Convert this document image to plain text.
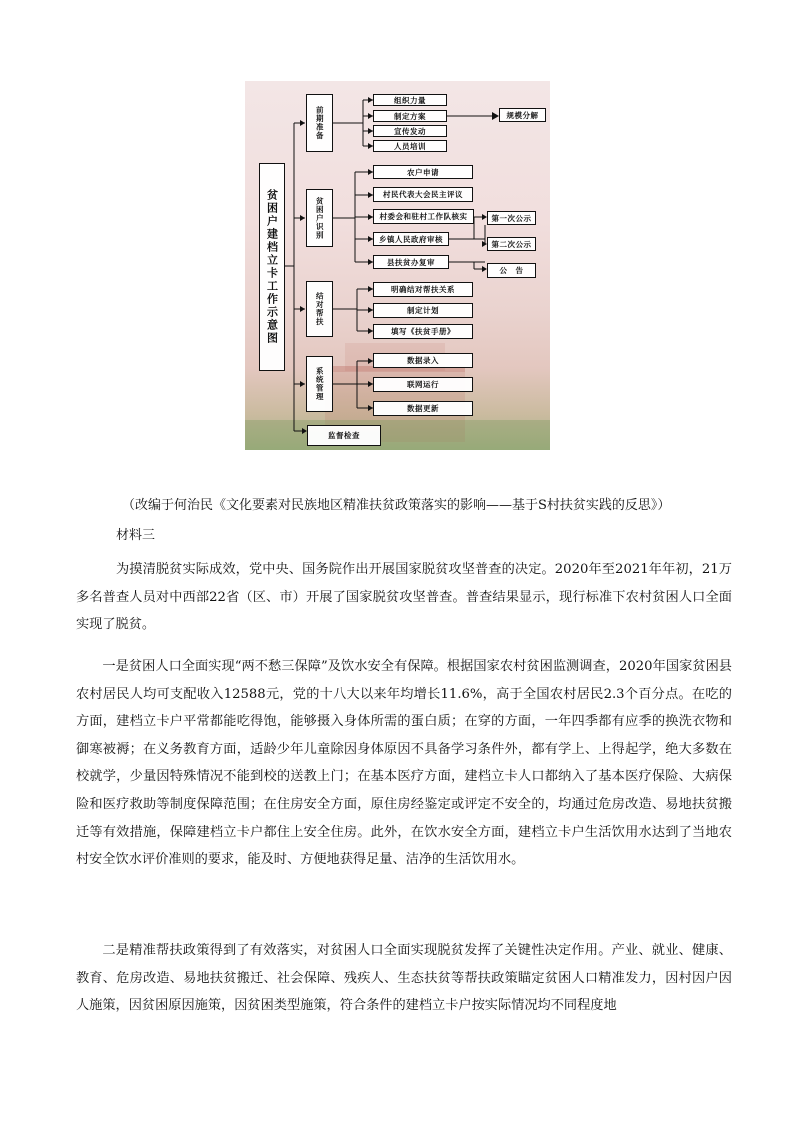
贫困户建档立卡工作示意图
前期准备
贫困户识别
结对帮扶
系统管理
监督检查
组织力量
制定方案
宣传发动
人员培训
规模分解
农户申请
村民代表大会民主评议
村委会和驻村工作队核实
乡镇人民政府审核
县扶贫办复审
第一次公示
第二次公示
公　告
明确结对帮扶关系
制定计划
填写《扶贫手册》
数据录入
联网运行
数据更新
（改编于何治民《文化要素对民族地区精准扶贫政策落实的影响——基于S村扶贫实践的反思》）
材料三

为摸清脱贫实际成效，党中央、国务院作出开展国家脱贫攻坚普查的决定。2020年至2021年年初，21万多名普查人员对中西部22省（区、市）开展了国家脱贫攻坚普查。普查结果显示，现行标准下农村贫困人口全面实现了脱贫。

一是贫困人口全面实现“两不愁三保障”及饮水安全有保障。根据国家农村贫困监测调查，2020年国家贫困县农村居民人均可支配收入12588元，党的十八大以来年均增长11.6%，高于全国农村居民2.3个百分点。在吃的方面，建档立卡户平常都能吃得饱，能够摄入身体所需的蛋白质；在穿的方面，一年四季都有应季的换洗衣物和御寒被褥；在义务教育方面，适龄少年儿童除因身体原因不具备学习条件外，都有学上、上得起学，绝大多数在校就学，少量因特殊情况不能到校的送教上门；在基本医疗方面，建档立卡人口都纳入了基本医疗保险、大病保险和医疗救助等制度保障范围；在住房安全方面，原住房经鉴定或评定不安全的，均通过危房改造、易地扶贫搬迁等有效措施，保障建档立卡户都住上安全住房。此外，在饮水安全方面，建档立卡户生活饮用水达到了当地农村安全饮水评价准则的要求，能及时、方便地获得足量、洁净的生活饮用水。

二是精准帮扶政策得到了有效落实，对贫困人口全面实现脱贫发挥了关键性决定作用。产业、就业、健康、教育、危房改造、易地扶贫搬迁、社会保障、残疾人、生态扶贫等帮扶政策瞄定贫困人口精准发力，因村因户因人施策，因贫困原因施策，因贫困类型施策，符合条件的建档立卡户按实际情况均不同程度地
